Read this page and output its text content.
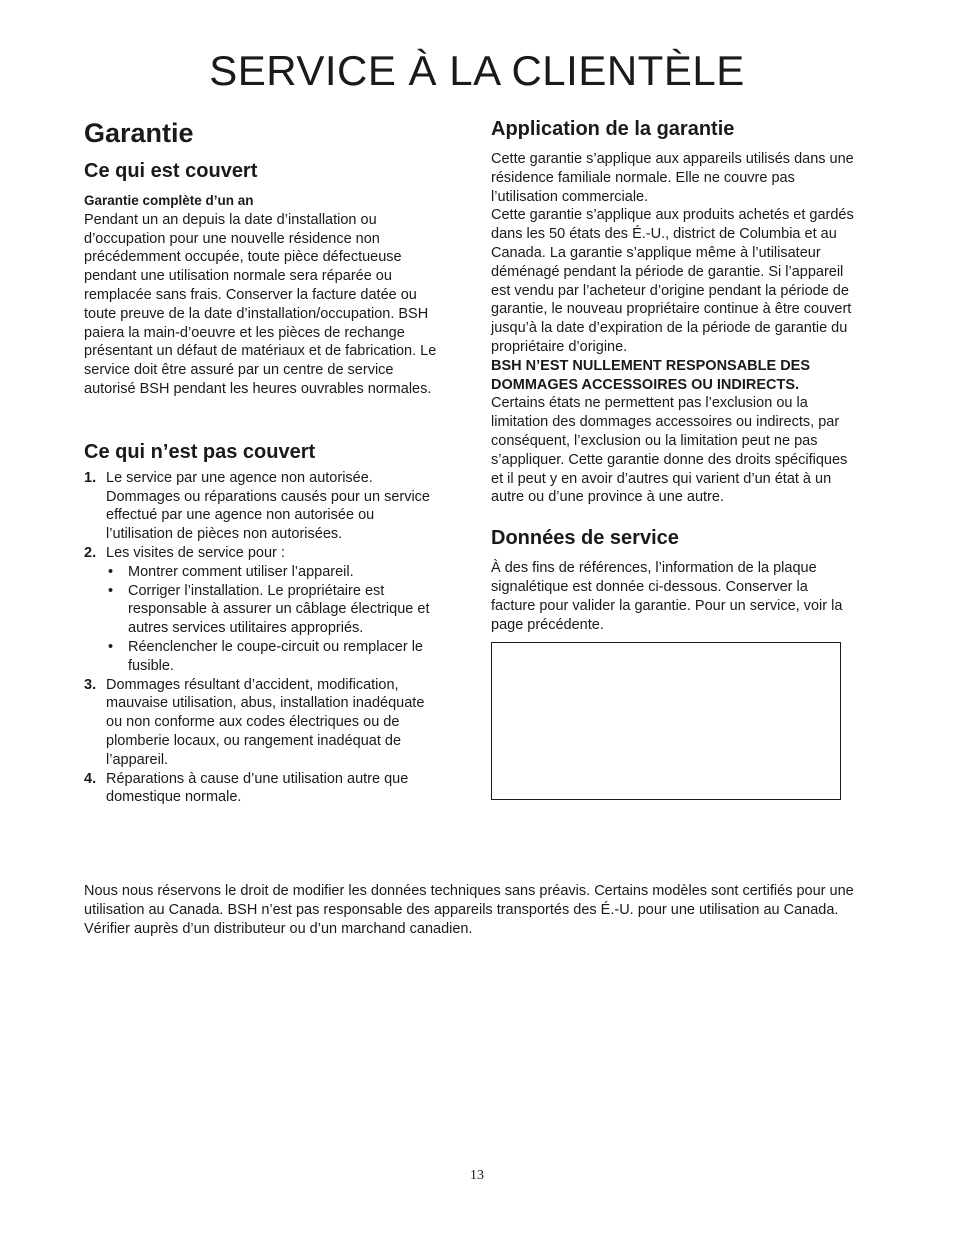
SERVICE À LA CLIENTÈLE
Garantie
Ce qui est couvert

Garantie complète d’un an

Pendant un an depuis la date d’installation ou d’occupation pour une nouvelle résidence non précédemment occupée, toute pièce défectueuse pendant une utilisation normale sera réparée ou remplacée sans frais. Conserver la facture datée ou

toute preuve de la date d’installation/occupation. BSH paiera la main-d’oeuvre et les pièces de rechange présentant un défaut de matériaux et de fabrication. Le service doit être assuré par un centre de service autorisé BSH pendant les heures ouvrables normales.

Ce qui n’est pas couvert
1. Le service par une agence non autorisée. Dommages ou réparations causés pour un service effectué par une agence non autorisée ou l’utilisation de pièces non autorisées.
2. Les visites de service pour :
• Montrer comment utiliser l’appareil.
• Corriger l’installation. Le propriétaire est responsable à assurer un câblage électrique et autres services utilitaires appropriés.
• Réenclencher le coupe-circuit ou remplacer le fusible.
3. Dommages résultant d’accident, modification, mauvaise utilisation, abus, installation inadéquate ou non conforme aux codes électriques ou de plomberie locaux, ou rangement inadéquat de l’appareil.
4. Réparations à cause d’une utilisation autre que domestique normale.
Application de la garantie

Cette garantie s’applique aux appareils utilisés dans une résidence familiale normale. Elle ne couvre pas l’utilisation commerciale.

Cette garantie s’applique aux produits achetés et gardés dans les 50 états des É.-U., district de Columbia et au Canada. La garantie s’applique même à l’utilisateur déménagé pendant la période de garantie. Si l’appareil est vendu par l’acheteur d’origine pendant la période de garantie, le nouveau propriétaire continue à être couvert jusqu’à la date d’expiration de la période de garantie du propriétaire d’origine.

BSH N’EST NULLEMENT RESPONSABLE DES DOMMAGES ACCESSOIRES OU INDIRECTS.

Certains états ne permettent pas l’exclusion ou la limitation des dommages accessoires ou indirects, par conséquent, l’exclusion ou la limitation peut ne pas s’appliquer. Cette garantie donne des droits spécifiques et il peut y en avoir d’autres qui varient d’un état à un autre ou d’une province à une autre.

Données de service

À des fins de références, l’information de la plaque signalétique est donnée ci-dessous. Conserver la facture pour valider la garantie. Pour un service, voir la page précédente.

Nous nous réservons le droit de modifier les données techniques sans préavis. Certains modèles sont certifiés pour une utilisation au Canada. BSH n’est pas responsable des appareils transportés des É.-U. pour une utilisation au Canada. Vérifier auprès d’un distributeur ou d’un marchand canadien.

13
